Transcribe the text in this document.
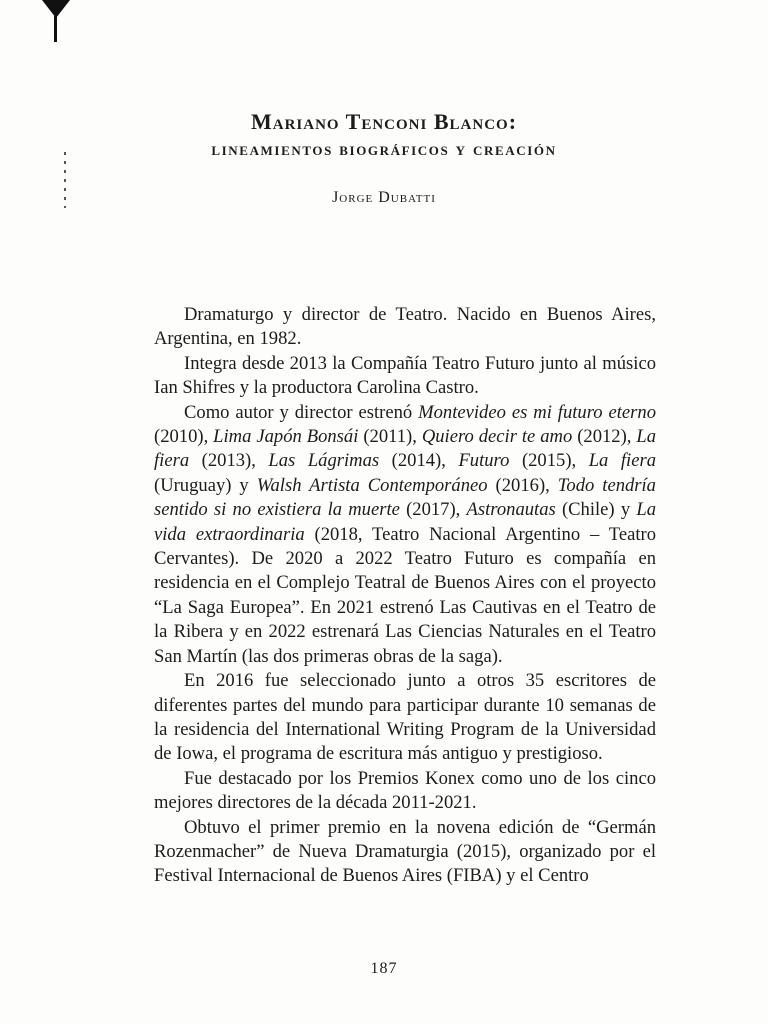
Mariano Tenconi Blanco:
lineamientos biográficos y creación
Jorge Dubatti

Dramaturgo y director de Teatro. Nacido en Buenos Aires, Argentina, en 1982.

Integra desde 2013 la Compañía Teatro Futuro junto al músico Ian Shifres y la productora Carolina Castro.

Como autor y director estrenó Montevideo es mi futuro eterno (2010), Lima Japón Bonsái (2011), Quiero decir te amo (2012), La fiera (2013), Las Lágrimas (2014), Futuro (2015), La fiera (Uruguay) y Walsh Artista Contemporáneo (2016), Todo tendría sentido si no existiera la muerte (2017), Astronautas (Chile) y La vida extraordinaria (2018, Teatro Nacional Argentino – Teatro Cervantes). De 2020 a 2022 Teatro Futuro es compañía en residencia en el Complejo Teatral de Buenos Aires con el proyecto “La Saga Europea”. En 2021 estrenó Las Cautivas en el Teatro de la Ribera y en 2022 estrenará Las Ciencias Naturales en el Teatro San Martín (las dos primeras obras de la saga).

En 2016 fue seleccionado junto a otros 35 escritores de diferentes partes del mundo para participar durante 10 semanas de la residencia del International Writing Program de la Universidad de Iowa, el programa de escritura más antiguo y prestigioso.

Fue destacado por los Premios Konex como uno de los cinco mejores directores de la década 2011-2021.

Obtuvo el primer premio en la novena edición de “Germán Rozenmacher” de Nueva Dramaturgia (2015), organizado por el Festival Internacional de Buenos Aires (FIBA) y el Centro

187
